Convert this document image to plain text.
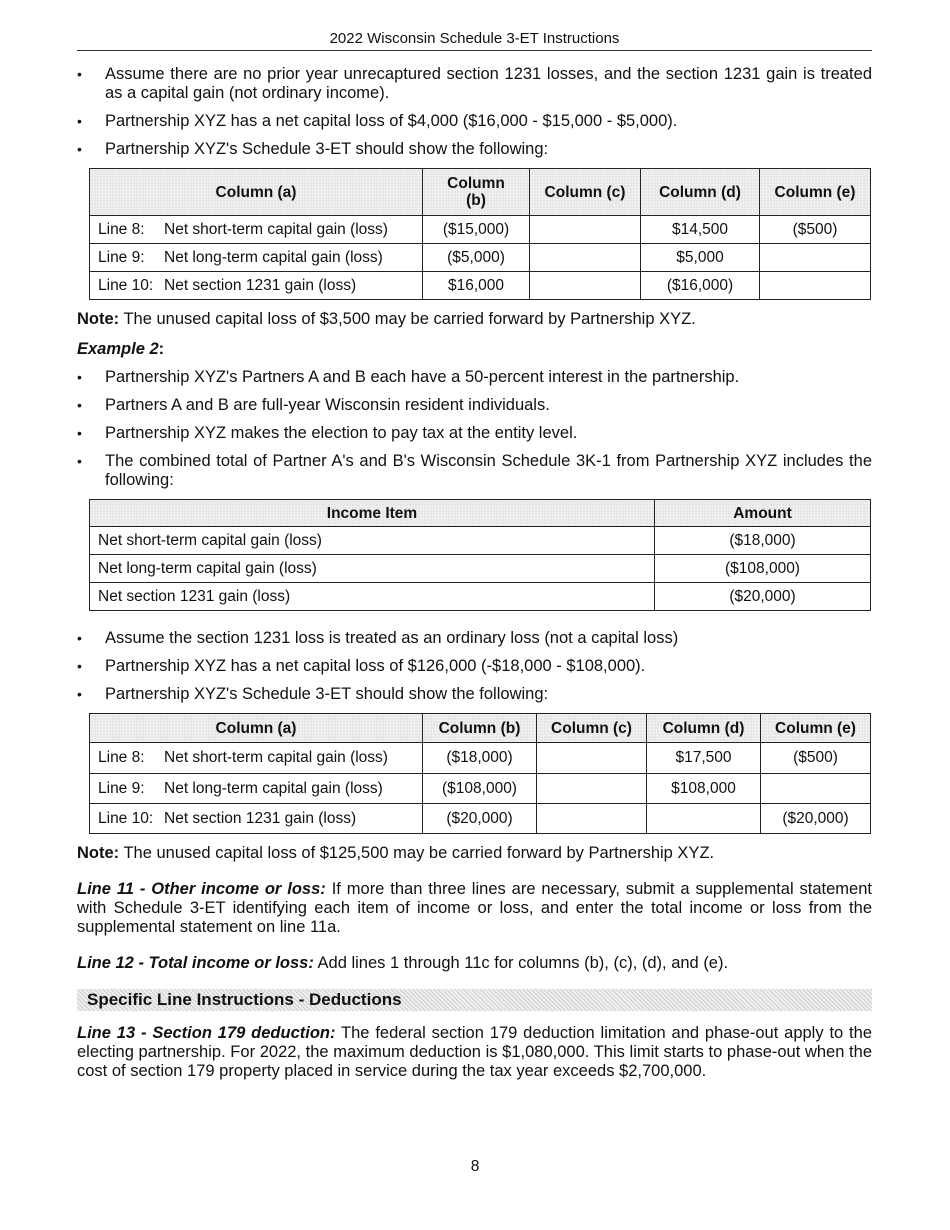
2022 Wisconsin Schedule 3-ET Instructions
• Assume there are no prior year unrecaptured section 1231 losses, and the section 1231 gain is treated as a capital gain (not ordinary income).
• Partnership XYZ has a net capital loss of $4,000 ($16,000 - $15,000 - $5,000).
• Partnership XYZ's Schedule 3-ET should show the following:
Column (a)	Column (b)	Column (c)	Column (d)	Column (e)
Line 8: Net short-term capital gain (loss)	($15,000)		$14,500	($500)
Line 9: Net long-term capital gain (loss)	($5,000)		$5,000	
Line 10: Net section 1231 gain (loss)	$16,000		($16,000)	

Note: The unused capital loss of $3,500 may be carried forward by Partnership XYZ.

Example 2:

• Partnership XYZ's Partners A and B each have a 50-percent interest in the partnership.
• Partners A and B are full-year Wisconsin resident individuals.
• Partnership XYZ makes the election to pay tax at the entity level.
• The combined total of Partner A's and B's Wisconsin Schedule 3K-1 from Partnership XYZ includes the following:
Income Item	Amount
Net short-term capital gain (loss)	($18,000)
Net long-term capital gain (loss)	($108,000)
Net section 1231 gain (loss)	($20,000)
• Assume the section 1231 loss is treated as an ordinary loss (not a capital loss)
• Partnership XYZ has a net capital loss of $126,000 (-$18,000 - $108,000).
• Partnership XYZ's Schedule 3-ET should show the following:
Column (a)	Column (b)	Column (c)	Column (d)	Column (e)
Line 8: Net short-term capital gain (loss)	($18,000)		$17,500	($500)
Line 9: Net long-term capital gain (loss)	($108,000)		$108,000	
Line 10: Net section 1231 gain (loss)	($20,000)			($20,000)

Note: The unused capital loss of $125,500 may be carried forward by Partnership XYZ.

Line 11 - Other income or loss: If more than three lines are necessary, submit a supplemental statement with Schedule 3-ET identifying each item of income or loss, and enter the total income or loss from the supplemental statement on line 11a.

Line 12 - Total income or loss: Add lines 1 through 11c for columns (b), (c), (d), and (e).

Specific Line Instructions - Deductions

Line 13 - Section 179 deduction: The federal section 179 deduction limitation and phase-out apply to the electing partnership. For 2022, the maximum deduction is $1,080,000. This limit starts to phase-out when the cost of section 179 property placed in service during the tax year exceeds $2,700,000.

8
